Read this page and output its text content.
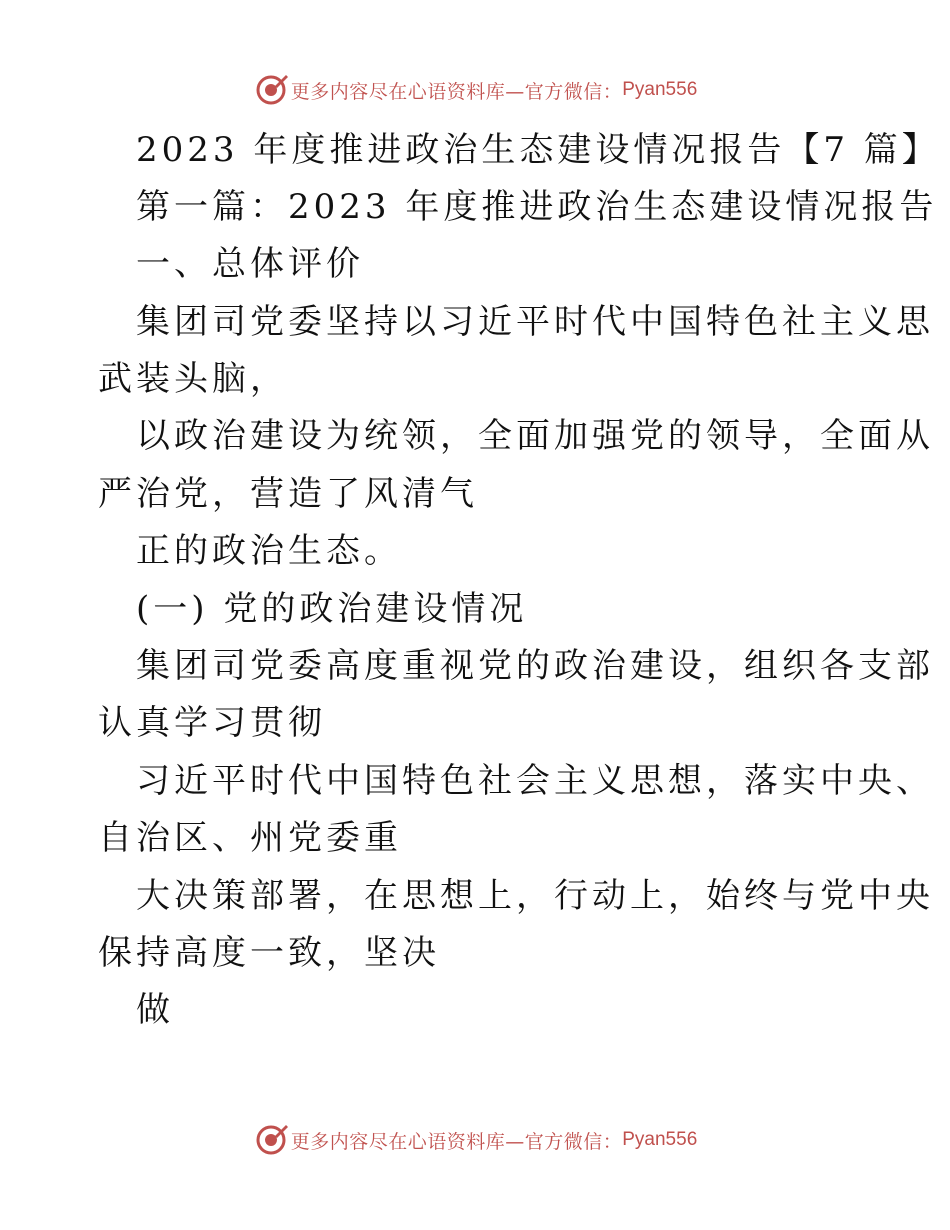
更多内容尽在心语资料库—官方微信： Pyan556
2023 年度推进政治生态建设情况报告【7 篇】
第一篇：2023 年度推进政治生态建设情况报告
一、总体评价
集团司党委坚持以习近平时代中国特色社主义思
武装头脑，
以政治建设为统领，全面加强党的领导，全面从
严治党，营造了风清气
正的政治生态。
(一) 党的政治建设情况
集团司党委高度重视党的政治建设，组织各支部
认真学习贯彻
习近平时代中国特色社会主义思想，落实中央、
自治区、州党委重
大决策部署，在思想上，行动上，始终与党中央
保持高度一致，坚决
做
更多内容尽在心语资料库—官方微信： Pyan556
